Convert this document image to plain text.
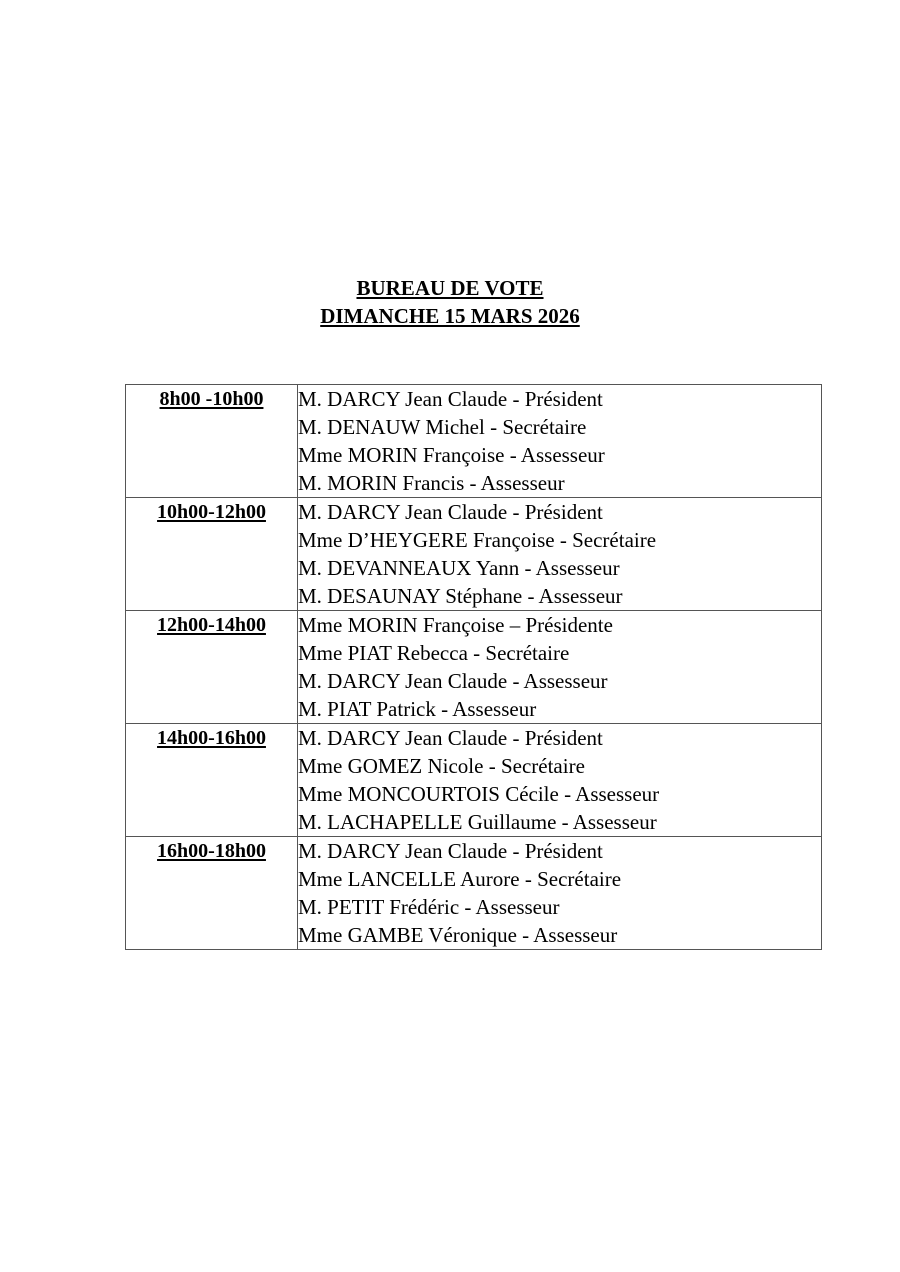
BUREAU DE VOTE
DIMANCHE 15 MARS 2026
8h00 -10h00	M. DARCY Jean Claude - Président
M. DENAUW Michel - Secrétaire
Mme MORIN Françoise - Assesseur
M. MORIN Francis - Assesseur

10h00-12h00	M. DARCY Jean Claude - Président
Mme D’HEYGERE Françoise - Secrétaire
M. DEVANNEAUX Yann - Assesseur
M. DESAUNAY Stéphane - Assesseur

12h00-14h00	Mme MORIN Françoise – Présidente
Mme PIAT Rebecca - Secrétaire
M. DARCY Jean Claude - Assesseur
M. PIAT Patrick - Assesseur

14h00-16h00	M. DARCY Jean Claude - Président
Mme GOMEZ Nicole - Secrétaire
Mme MONCOURTOIS Cécile - Assesseur
M. LACHAPELLE Guillaume - Assesseur

16h00-18h00	M. DARCY Jean Claude - Président
Mme LANCELLE Aurore - Secrétaire
M. PETIT Frédéric - Assesseur
Mme GAMBE Véronique - Assesseur
